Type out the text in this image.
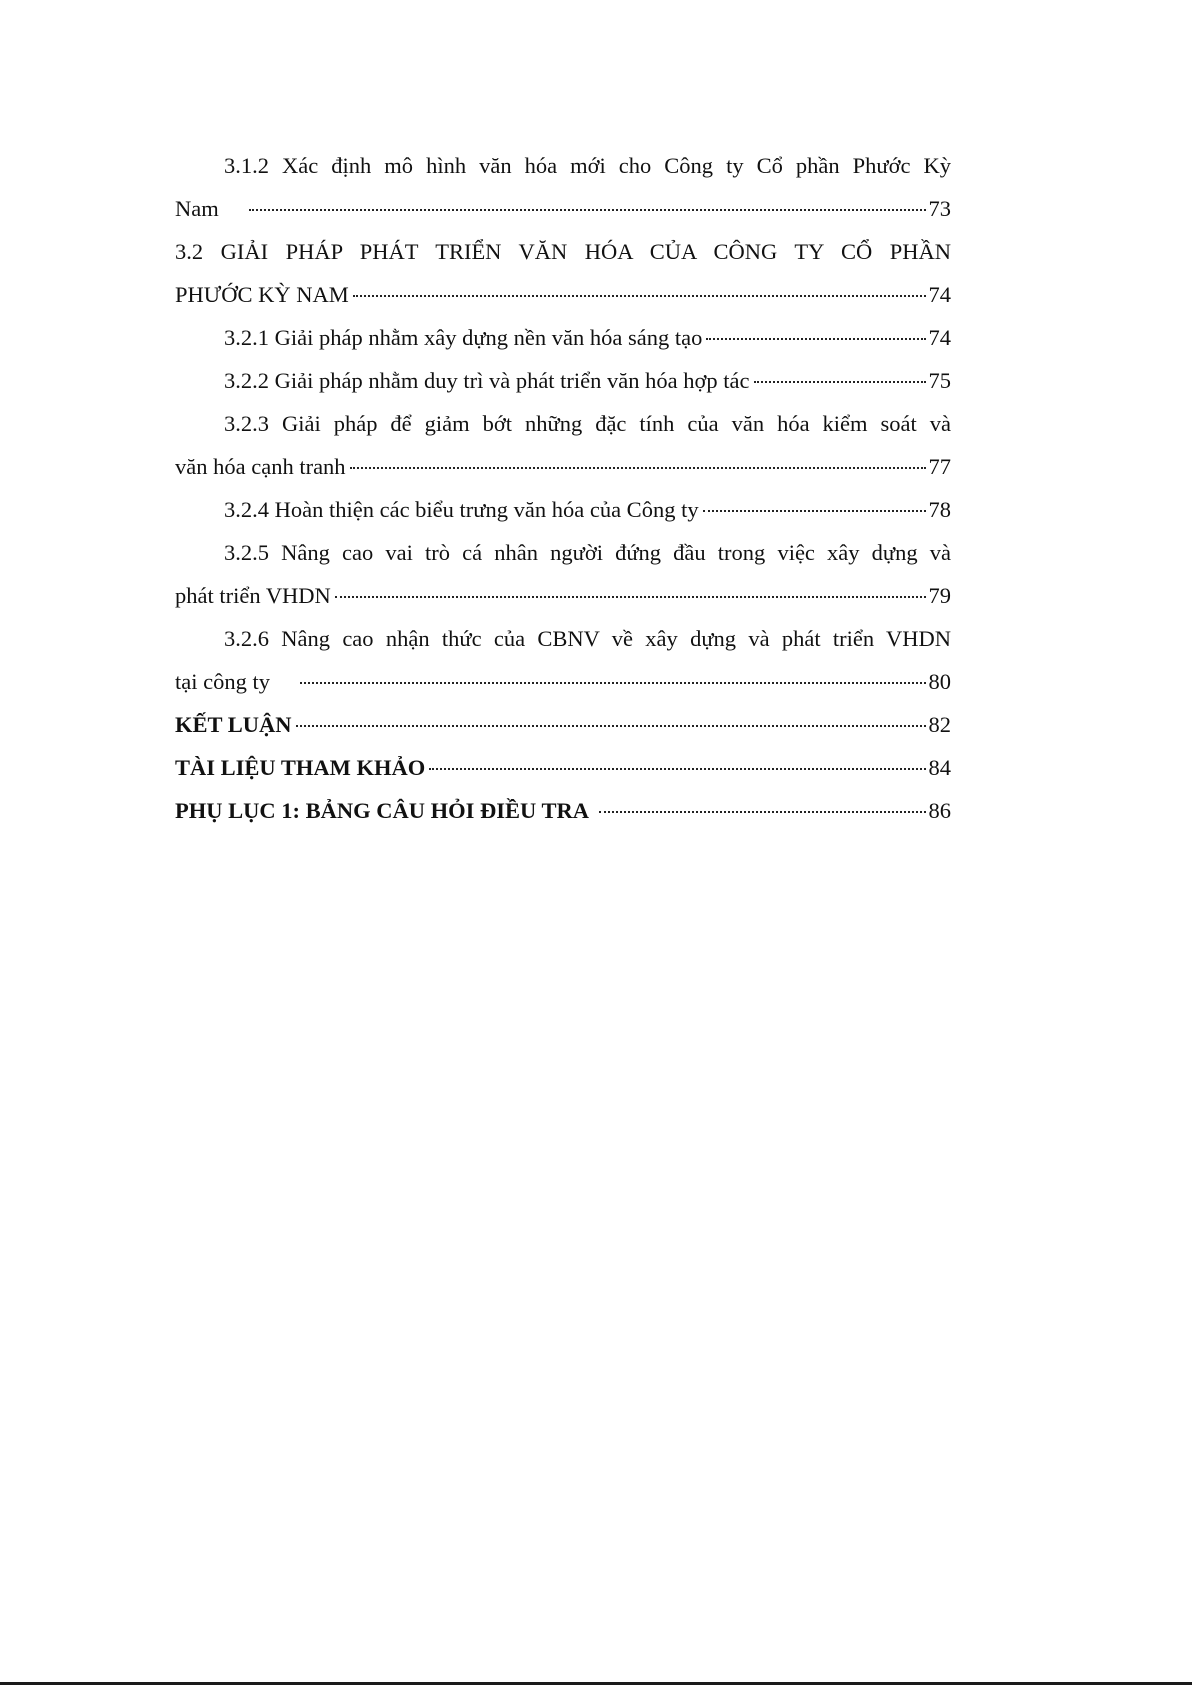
3.1.2 Xác định mô hình văn hóa mới cho Công ty Cổ phần Phước Kỳ
Nam	73
3.2 GIẢI PHÁP PHÁT TRIỂN VĂN HÓA CỦA CÔNG TY CỔ PHẦN
PHƯỚC KỲ NAM	74
3.2.1 Giải pháp nhằm xây dựng nền văn hóa sáng tạo	74
3.2.2 Giải pháp nhằm duy trì và phát triển văn hóa hợp tác	75
3.2.3 Giải pháp để giảm bớt những đặc tính của văn hóa kiểm soát và
văn hóa cạnh tranh	77
3.2.4 Hoàn thiện các biểu trưng văn hóa của Công ty	78
3.2.5 Nâng cao vai trò cá nhân người đứng đầu trong việc xây dựng và
phát triển VHDN	79
3.2.6 Nâng cao nhận thức của CBNV về xây dựng và phát triển VHDN
tại công ty	80
KẾT LUẬN	82
TÀI LIỆU THAM KHẢO	84
PHỤ LỤC 1: BẢNG CÂU HỎI ĐIỀU TRA	86
